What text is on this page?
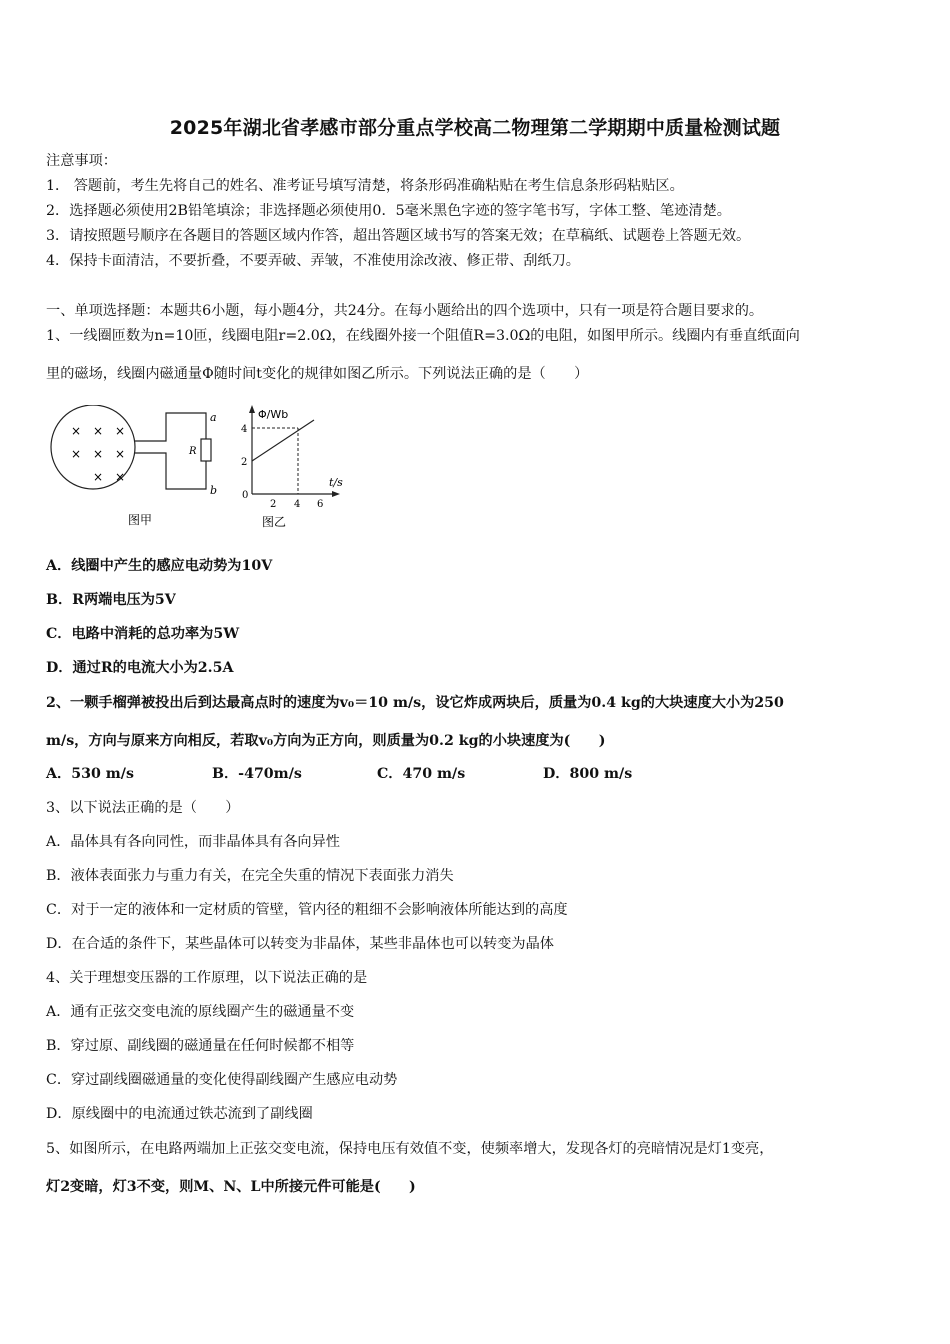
2025年湖北省孝感市部分重点学校高二物理第二学期期中质量检测试题
注意事项：
1． 答题前，考生先将自己的姓名、准考证号填写清楚，将条形码准确粘贴在考生信息条形码粘贴区。
2．选择题必须使用2B铅笔填涂；非选择题必须使用0．5毫米黑色字迹的签字笔书写，字体工整、笔迹清楚。
3．请按照题号顺序在各题目的答题区域内作答，超出答题区域书写的答案无效；在草稿纸、试题卷上答题无效。
4．保持卡面清洁，不要折叠，不要弄破、弄皱，不准使用涂改液、修正带、刮纸刀。
一、单项选择题：本题共6小题，每小题4分，共24分。在每小题给出的四个选项中，只有一项是符合题目要求的。
1、一线圈匝数为n=10匝，线圈电阻r=2.0Ω，在线圈外接一个阻值R=3.0Ω的电阻，如图甲所示。线圈内有垂直纸面向
里的磁场，线圈内磁通量Φ随时间t变化的规律如图乙所示。下列说法正确的是（　　）
× × ×
× × ×
× ×
a
b
R
图甲
Φ/Wb
t/s
4
2
0
2 4 6
图乙
A．线圈中产生的感应电动势为10V
B．R两端电压为5V
C．电路中消耗的总功率为5W
D．通过R的电流大小为2.5A
2、一颗手榴弹被投出后到达最高点时的速度为v₀＝10 m/s，设它炸成两块后，质量为0.4 kg的大块速度大小为250
m/s，方向与原来方向相反，若取v₀方向为正方向，则质量为0.2 kg的小块速度为(　　)
A．530 m/s	B．-470m/s	C．470 m/s	D．800 m/s
3、以下说法正确的是（　　）
A．晶体具有各向同性，而非晶体具有各向异性
B．液体表面张力与重力有关，在完全失重的情况下表面张力消失
C．对于一定的液体和一定材质的管壁，管内径的粗细不会影响液体所能达到的高度
D．在合适的条件下，某些晶体可以转变为非晶体，某些非晶体也可以转变为晶体
4、关于理想变压器的工作原理，以下说法正确的是
A．通有正弦交变电流的原线圈产生的磁通量不变
B．穿过原、副线圈的磁通量在任何时候都不相等
C．穿过副线圈磁通量的变化使得副线圈产生感应电动势
D．原线圈中的电流通过铁芯流到了副线圈
5、如图所示，在电路两端加上正弦交变电流，保持电压有效值不变，使频率增大，发现各灯的亮暗情况是灯1变亮，
灯2变暗，灯3不变，则M、N、L中所接元件可能是(　　)
